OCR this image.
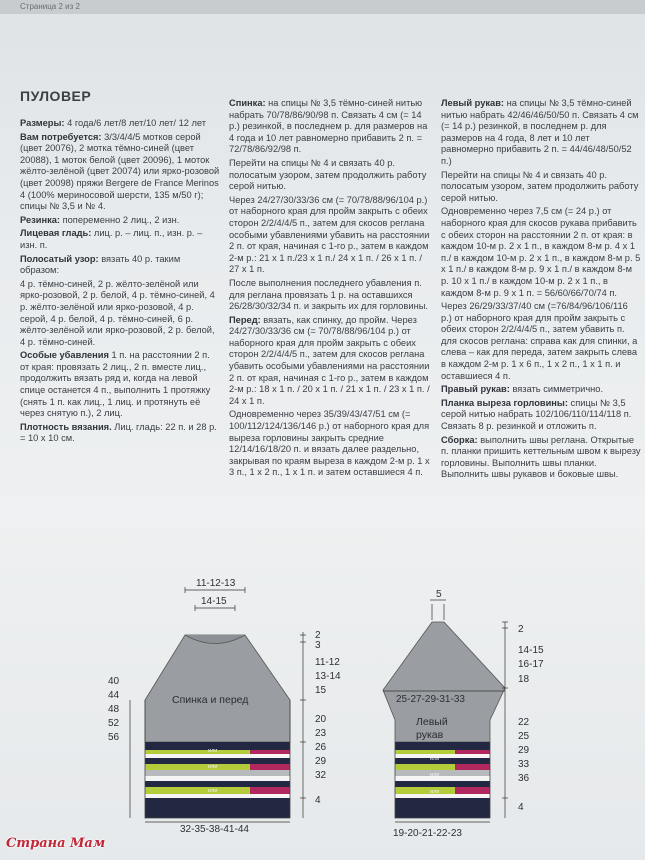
Страница 2 из 2
ПУЛОВЕР

Размеры: 4 года/6 лет/8 лет/10 лет/ 12 лет

Вам потребуется: 3/3/4/4/5 мотков серой (цвет 20076), 2 мотка тёмно-синей (цвет 20088), 1 моток белой (цвет 20096), 1 моток жёлто-зелёной (цвет 20074) или ярко-розовой (цвет 20098) пряжи Bergere de France Merinos 4 (100% мериносовой шерсти, 135 м/50 г); спицы № 3,5 и № 4.

Резинка: попеременно 2 лиц., 2 изн.

Лицевая гладь: лиц. р. – лиц. п., изн. р. – изн. п.

Полосатый узор: вязать 40 р. таким образом:

4 р. тёмно-синей, 2 р. жёлто-зелёной или ярко-розовой, 2 р. белой, 4 р. тёмно-синей, 4 р. жёлто-зелёной или ярко-розовой, 4 р. серой, 4 р. белой, 4 р. тёмно-синей, 6 р. жёлто-зелёной или ярко-розовой, 2 р. белой, 4 р. тёмно-синей.

Особые убавления 1 п. на расстоянии 2 п. от края: провязать 2 лиц., 2 п. вместе лиц., продолжить вязать ряд и, когда на левой спице останется 4 п., выполнить 1 протяжку (снять 1 п. как лиц., 1 лиц. и протянуть её через снятую п.), 2 лиц.

Плотность вязания. Лиц. гладь: 22 п. и 28 р. = 10 х 10 см.

Спинка: на спицы № 3,5 тёмно-синей нитью набрать 70/78/86/90/98 п. Связать 4 см (= 14 р.) резинкой, в последнем р. для размеров на 4 года и 10 лет равномерно прибавить 2 п. = 72/78/86/92/98 п.

Перейти на спицы № 4 и связать 40 р. полосатым узором, затем продолжить работу серой нитью.

Через 24/27/30/33/36 см (= 70/78/88/96/104 р.) от наборного края для пройм закрыть с обеих сторон 2/2/4/4/5 п., затем для скосов реглана особыми убавлениями убавить на расстоянии 2 п. от края, начиная с 1-го р., затем в каждом 2-м р.: 21 х 1 п./23 х 1 п./ 24 х 1 п. / 26 х 1 п. / 27 х 1 п.

После выполнения последнего убавления п. для реглана провязать 1 р. на оставшихся 26/28/30/32/34 п. и закрыть их для горловины.

Перед: вязать, как спинку, до пройм. Через 24/27/30/33/36 см (= 70/78/88/96/104 р.) от наборного края для пройм закрыть с обеих сторон 2/2/4/4/5 п., затем для скосов реглана убавить особыми убавлениями на расстоянии 2 п. от края, начиная с 1-го р., затем в каждом 2-м р.: 18 х 1 п. / 20 х 1 п. / 21 х 1 п. / 23 х 1 п. / 24 х 1 п.

Одновременно через 35/39/43/47/51 см (= 100/112/124/136/146 р.) от наборного края для выреза горловины закрыть средние 12/14/16/18/20 п. и вязать далее раздельно, закрывая по краям выреза в каждом 2-м р. 1 х 3 п., 1 х 2 п., 1 х 1 п. и затем оставшиеся 4 п.

Левый рукав: на спицы № 3,5 тёмно-синей нитью набрать 42/46/46/50/50 п. Связать 4 см (= 14 р.) резинкой, в последнем р. для размеров на 4 года, 8 лет и 10 лет равномерно прибавить 2 п. = 44/46/48/50/52 п.)

Перейти на спицы № 4 и связать 40 р. полосатым узором, затем продолжить работу серой нитью.

Одновременно через 7,5 см (= 24 р.) от наборного края для скосов рукава прибавить с обеих сторон на расстоянии 2 п. от края: в каждом 10-м р. 2 х 1 п., в каждом 8-м р. 4 х 1 п./ в каждом 10-м р. 2 х 1 п., в каждом 8-м р. 5 х 1 п./ в каждом 8-м р. 9 х 1 п./ в каждом 8-м р. 10 х 1 п./ в каждом 10-м р. 2 х 1 п., в каждом 8-м р. 9 х 1 п. = 56/60/66/70/74 п.

Через 26/29/33/37/40 см (=76/84/96/106/116 р.) от наборного края для пройм закрыть с обеих сторон 2/2/4/4/5 п., затем убавить п. для скосов реглана: справа как для спинки, а слева – как для переда, затем закрыть слева в каждом 2-м р. 1 х 6 п., 1 х 2 п., 1 х 1 п. и оставшиеся 4 п.

Правый рукав: вязать симметрично.

Планка выреза горловины: спицы № 3,5 серой нитью набрать 102/106/110/114/118 п. Связать 8 р. резинкой и отложить п.

Сборка: выполнить швы реглана. Открытые п. планки пришить кеттельным швом к вырезу горловины. Выполнить швы планки. Выполнить швы рукавов и боковые швы.

Спинка и перед
или
или
или
11-12-13
14-15
40
44
48
52
56
2
3
11-12
13-14
15
20
23
26
29
32
4
32-35-38-41-44
Левый
рукав
или
или
или
5
25-27-29-31-33
2
14-15
16-17
18
22
25
29
33
36
4
19-20-21-22-23
Страна Мам
